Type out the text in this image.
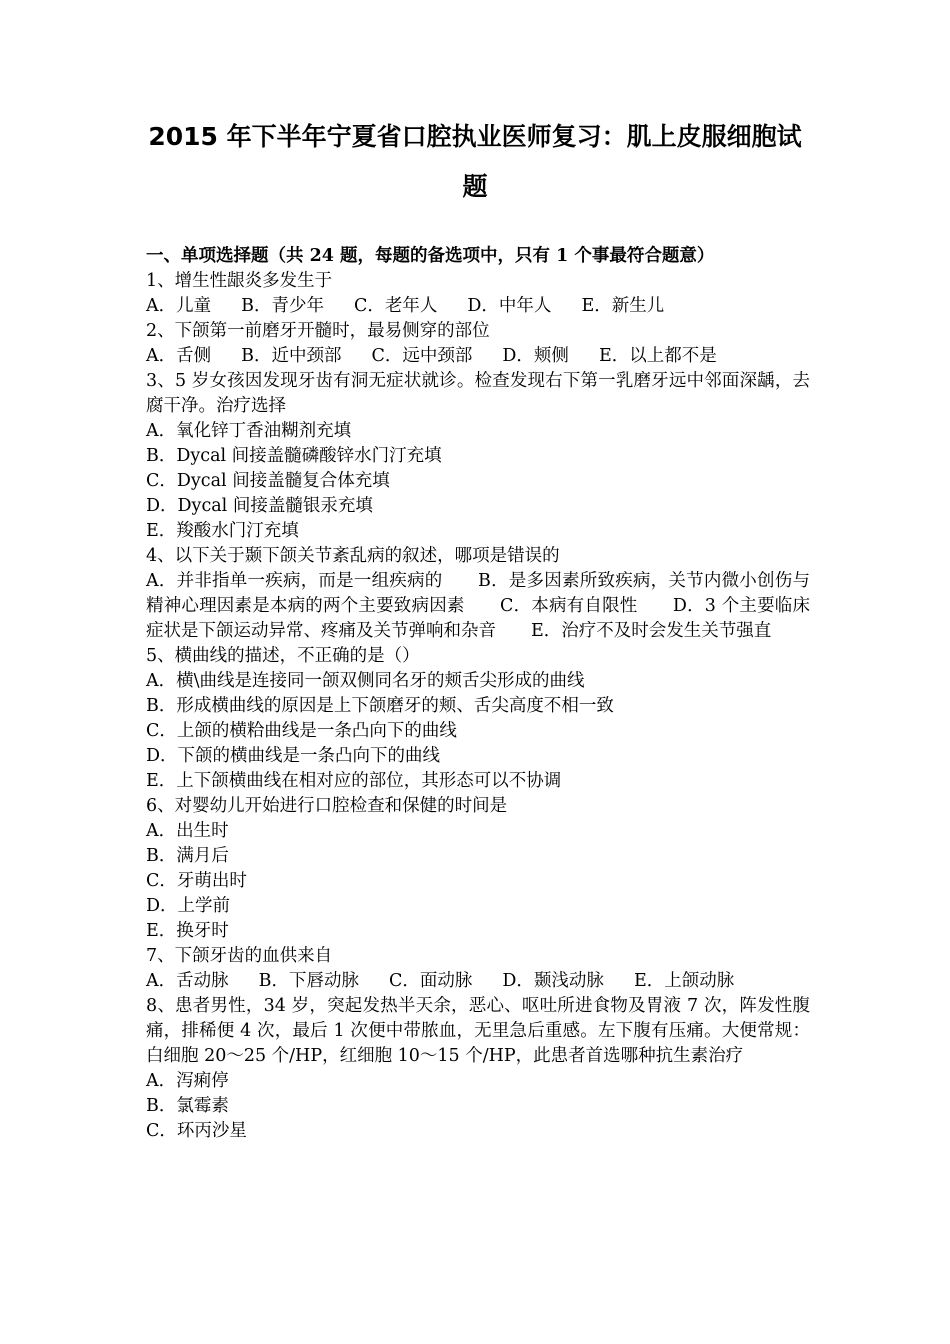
2015 年下半年宁夏省口腔执业医师复习：肌上皮服细胞试
题

一、单项选择题（共 24 题，每题的备选项中，只有 1 个事最符合题意）

1、增生性龈炎多发生于

A．儿童 B．青少年 C．老年人 D．中年人 E．新生儿

2、下颌第一前磨牙开髓时，最易侧穿的部位

A．舌侧 B．近中颈部 C．远中颈部 D．颊侧 E．以上都不是

3、5 岁女孩因发现牙齿有洞无症状就诊。检查发现右下第一乳磨牙远中邻面深龋，去腐干净。治疗选择

A．氧化锌丁香油糊剂充填

B．Dycal 间接盖髓磷酸锌水门汀充填

C．Dycal 间接盖髓复合体充填

D．Dycal 间接盖髓银汞充填

E．羧酸水门汀充填

4、以下关于颞下颌关节紊乱病的叙述，哪项是错误的

A．并非指单一疾病，而是一组疾病的　　B．是多因素所致疾病，关节内微小创伤与精神心理因素是本病的两个主要致病因素　　C．本病有自限性　　D．3 个主要临床症状是下颌运动异常、疼痛及关节弹响和杂音　　E．治疗不及时会发生关节强直

5、横曲线的描述，不正确的是（）

A．横\曲线是连接同一颌双侧同名牙的颊舌尖形成的曲线

B．形成横曲线的原因是上下颌磨牙的颊、舌尖高度不相一致

C．上颌的横粭曲线是一条凸向下的曲线

D．下颌的横曲线是一条凸向下的曲线

E．上下颌横曲线在相对应的部位，其形态可以不协调

6、对婴幼儿开始进行口腔检查和保健的时间是

A．出生时

B．满月后

C．牙萌出时

D．上学前

E．换牙时

7、下颌牙齿的血供来自

A．舌动脉 B．下唇动脉 C．面动脉 D．颞浅动脉 E．上颌动脉

8、患者男性，34 岁，突起发热半天余，恶心、呕吐所进食物及胃液 7 次，阵发性腹痛，排稀便 4 次，最后 1 次便中带脓血，无里急后重感。左下腹有压痛。大便常规：白细胞 20～25 个/HP，红细胞 10～15 个/HP，此患者首选哪种抗生素治疗

A．泻痢停

B．氯霉素

C．环丙沙星
